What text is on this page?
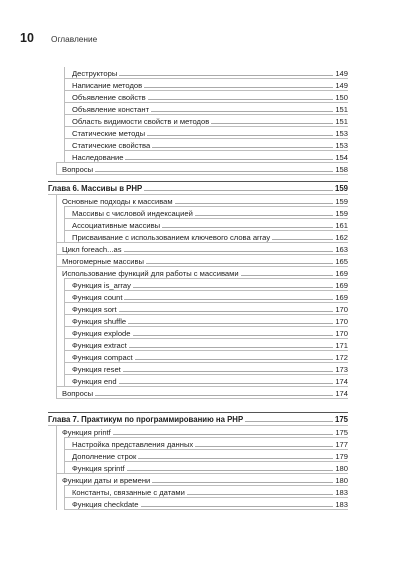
10	Оглавление
Деструкторы	149
Написание методов	149
Объявление свойств	150
Объявление констант	151
Область видимости свойств и методов	151
Статические методы	153
Статические свойства	153
Наследование	154
Вопросы	158
Глава 6. Массивы в PHP	159
Основные подходы к массивам	159
Массивы с числовой индексацией	159
Ассоциативные массивы	161
Присваивание с использованием ключевого слова array	162
Цикл foreach...as	163
Многомерные массивы	165
Использование функций для работы с массивами	169
Функция is_array	169
Функция count	169
Функция sort	170
Функция shuffle	170
Функция explode	170
Функция extract	171
Функция compact	172
Функция reset	173
Функция end	174
Вопросы	174
Глава 7. Практикум по программированию на PHP	175
Функция printf	175
Настройка представления данных	177
Дополнение строк	179
Функция sprintf	180
Функции даты и времени	180
Константы, связанные с датами	183
Функция checkdate	183
